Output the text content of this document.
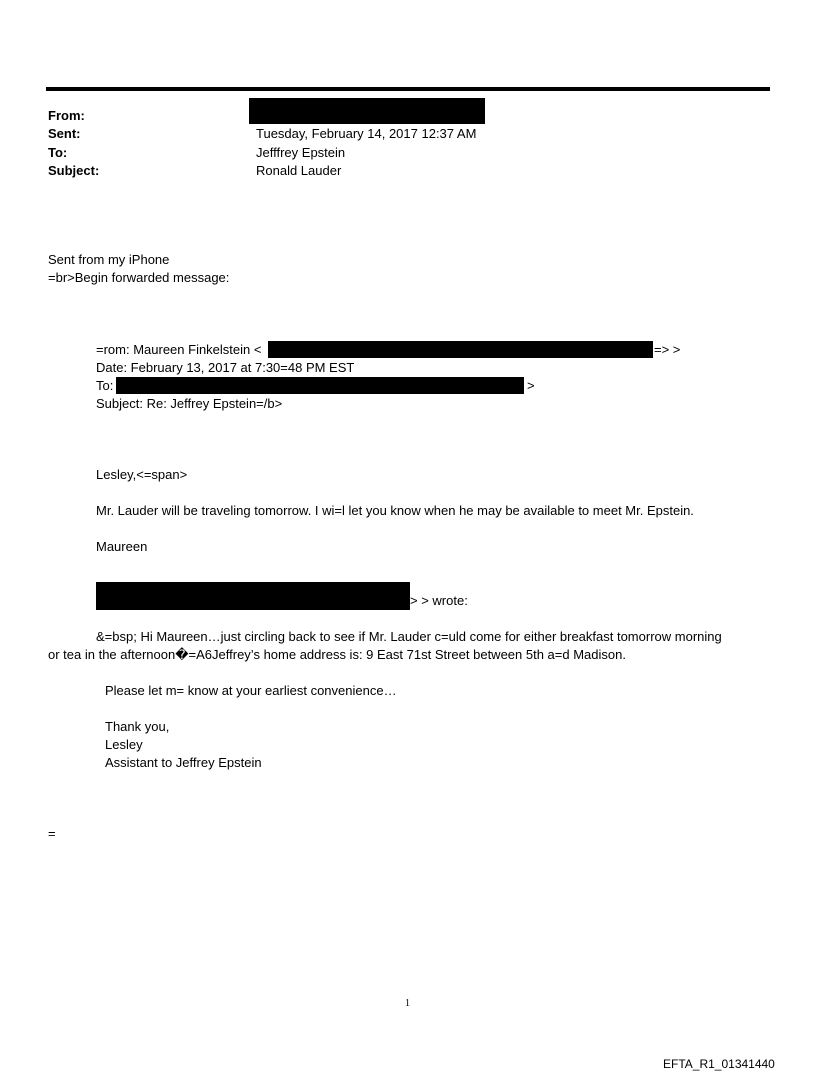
From:
Sent:	Tuesday, February 14, 2017 12:37 AM
To:	Jefffrey Epstein
Subject:	Ronald Lauder
Sent from my iPhone
=br>Begin forwarded message:
=rom: Maureen Finkelstein <	=> >
Date: February 13, 2017 at 7:30=48 PM EST
To:	>
Subject: Re: Jeffrey Epstein=/b>
Lesley,<=span>
Mr. Lauder will be traveling tomorrow. I wi=l let you know when he may be available to meet Mr. Epstein.
Maureen
> > wrote:
&=bsp; Hi Maureen…just circling back to see if Mr. Lauder c=uld come for either breakfast tomorrow morning
or tea in the afternoon�=A6Jeffrey’s home address is: 9 East 71st Street between 5th a=d Madison.
Please let m= know at your earliest convenience…
Thank you,
Lesley
Assistant to Jeffrey Epstein
=
1
EFTA_R1_01341440
